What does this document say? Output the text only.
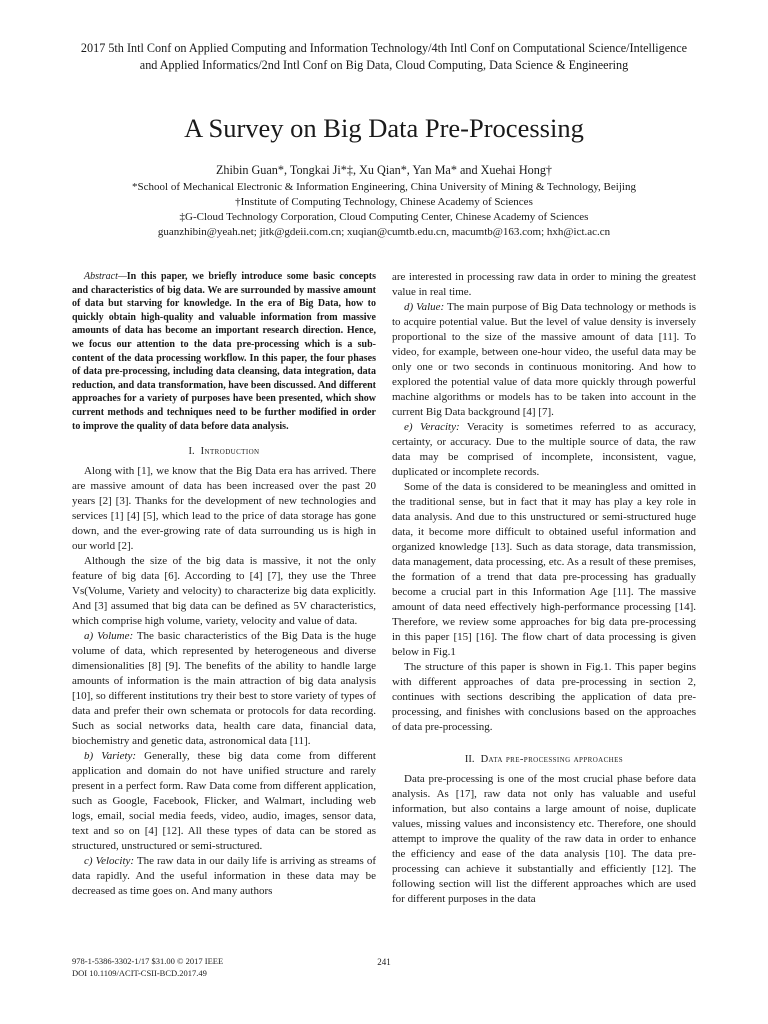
2017 5th Intl Conf on Applied Computing and Information Technology/4th Intl Conf on Computational Science/Intelligence
and Applied Informatics/2nd Intl Conf on Big Data, Cloud Computing, Data Science & Engineering
A Survey on Big Data Pre-Processing
Zhibin Guan*, Tongkai Ji*‡, Xu Qian*, Yan Ma* and Xuehai Hong†
*School of Mechanical Electronic & Information Engineering, China University of Mining & Technology, Beijing
†Institute of Computing Technology, Chinese Academy of Sciences
‡G-Cloud Technology Corporation, Cloud Computing Center, Chinese Academy of Sciences
guanzhibin@yeah.net; jitk@gdeii.com.cn; xuqian@cumtb.edu.cn, macumtb@163.com; hxh@ict.ac.cn

Abstract—In this paper, we briefly introduce some basic concepts and characteristics of big data. We are surrounded by massive amount of data but starving for knowledge. In the era of Big Data, how to quickly obtain high-quality and valuable information from massive amounts of data has become an important research direction. Hence, we focus our attention to the data pre-processing which is a sub-content of the data processing workflow. In this paper, the four phases of data pre-processing, including data cleansing, data integration, data reduction, and data transformation, have been discussed. And different approaches for a variety of purposes have been presented, which show current methods and techniques need to be further modified in order to improve the quality of data before data analysis.

I. Introduction

Along with [1], we know that the Big Data era has arrived. There are massive amount of data has been increased over the past 20 years [2] [3]. Thanks for the development of new technologies and services [1] [4] [5], which lead to the price of data storage has gone down, and the ever-growing rate of data surrounding us is high in our world [2].

Although the size of the big data is massive, it not the only feature of big data [6]. According to [4] [7], they use the Three Vs(Volume, Variety and velocity) to characterize big data explicitly. And [3] assumed that big data can be defined as 5V characteristics, which comprise high volume, variety, velocity and value of data.

a) Volume: The basic characteristics of the Big Data is the huge volume of data, which represented by heterogeneous and diverse dimensionalities [8] [9]. The benefits of the ability to handle large amounts of information is the main attraction of big data analysis [10], so different institutions try their best to store variety of types of data and prefer their own schemata or protocols for data recording. Such as social networks data, health care data, financial data, biochemistry and genetic data, astronomical data [11].

b) Variety: Generally, these big data come from different application and domain do not have unified structure and rarely present in a perfect form. Raw Data come from different application, such as Google, Facebook, Flicker, and Walmart, including web logs, email, social media feeds, video, audio, images, sensor data, text and so on [4] [12]. All these types of data can be stored as structured, unstructured or semi-structured.

c) Velocity: The raw data in our daily life is arriving as streams of data rapidly. And the useful information in these data may be decreased as time goes on. And many authors

are interested in processing raw data in order to mining the greatest value in real time.

d) Value: The main purpose of Big Data technology or methods is to acquire potential value. But the level of value density is inversely proportional to the size of the massive amount of data [11]. To video, for example, between one-hour video, the useful data may be only one or two seconds in continuous monitoring. And how to explored the potential value of data more quickly through powerful machine algorithms or models has to be taken into account in the current Big Data background [4] [7].

e) Veracity: Veracity is sometimes referred to as accuracy, certainty, or accuracy. Due to the multiple source of data, the raw data may be comprised of incomplete, inconsistent, vague, duplicated or incomplete records.

Some of the data is considered to be meaningless and omitted in the traditional sense, but in fact that it may has play a key role in data analysis. And due to this unstructured or semi-structured huge data, it become more difficult to obtained useful information and organized knowledge [13]. Such as data storage, data transmission, data management, data processing, etc. As a result of these premises, the formation of a trend that data pre-processing has gradually become a crucial part in this Information Age [11]. The massive amount of data need effectively high-performance processing [14]. Therefore, we review some approaches for big data pre-processing in this paper [15] [16]. The flow chart of data processing is given below in Fig.1

The structure of this paper is shown in Fig.1. This paper begins with different approaches of data pre-processing in section 2, continues with sections describing the application of data pre-processing, and finishes with conclusions based on the approaches of data pre-processing.

II. Data pre-processing approaches

Data pre-processing is one of the most crucial phase before data analysis. As [17], raw data not only has valuable and useful information, but also contains a large amount of noise, duplicate values, missing values and inconsistency etc. Therefore, one should attempt to improve the quality of the raw data in order to enhance the efficiency and ease of the data analysis [10]. The data pre-processing can achieve it substantially and efficiently [12]. The following section will list the different approaches which are used for different purposes in the data

978-1-5386-3302-1/17 $31.00 © 2017 IEEE
DOI 10.1109/ACIT-CSII-BCD.2017.49
241
